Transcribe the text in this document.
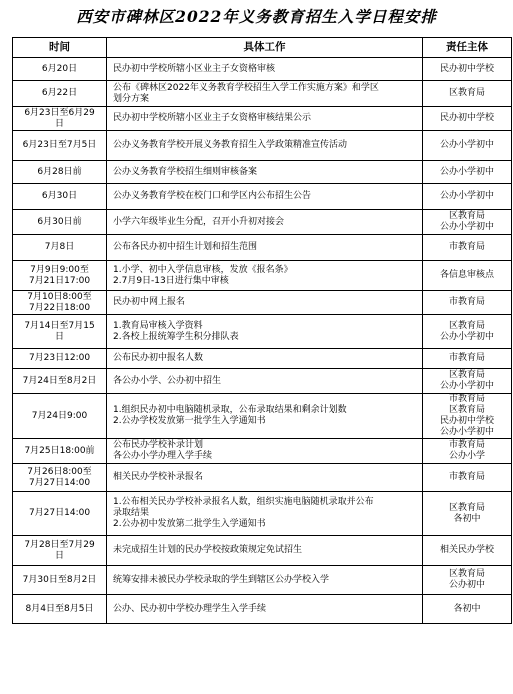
西安市碑林区2022年义务教育招生入学日程安排
时间	具体工作	责任主体

6月20日	民办初中学校所辖小区业主子女资格审核	民办初中学校

6月22日	公布《碑林区2022年义务教育学校招生入学工作实施方案》和学区
划分方案	区教育局

6月23日至6月29
日	民办初中学校所辖小区业主子女资格审核结果公示	民办初中学校

6月23日至7月5日	公办义务教育学校开展义务教育招生入学政策精准宣传活动	公办小学初中

6月28日前	公办义务教育学校招生细则审核备案	公办小学初中

6月30日	公办义务教育学校在校门口和学区内公布招生公告	公办小学初中

6月30日前	小学六年级毕业生分配，召开小升初对接会	区教育局
公办小学初中

7月8日	公布各民办初中招生计划和招生范围	市教育局

7月9日9:00至
7月21日17:00	1.小学、初中入学信息审核，发放《报名条》
2.7月9日-13日进行集中审核	各信息审核点

7月10日8:00至
7月22日18:00	民办初中网上报名	市教育局

7月14日至7月15
日	1.教育局审核入学资料
2.各校上报统筹学生积分排队表	区教育局
公办小学初中

7月23日12:00	公布民办初中报名人数	市教育局

7月24日至8月2日	各公办小学、公办初中招生	区教育局
公办小学初中

7月24日9:00	1.组织民办初中电脑随机录取，公布录取结果和剩余计划数
2.公办学校发放第一批学生入学通知书	市教育局
区教育局
民办初中学校
公办小学初中

7月25日18:00前	公布民办学校补录计划
各公办小学办理入学手续	市教育局
公办小学

7月26日8:00至
7月27日14:00	相关民办学校补录报名	市教育局

7月27日14:00	1.公布相关民办学校补录报名人数，组织实施电脑随机录取并公布
录取结果
2.公办初中发放第二批学生入学通知书	区教育局
各初中

7月28日至7月29
日	未完成招生计划的民办学校按政策规定免试招生	相关民办学校

7月30日至8月2日	统筹安排未被民办学校录取的学生到辖区公办学校入学	区教育局
公办初中

8月4日至8月5日	公办、民办初中学校办理学生入学手续	各初中
